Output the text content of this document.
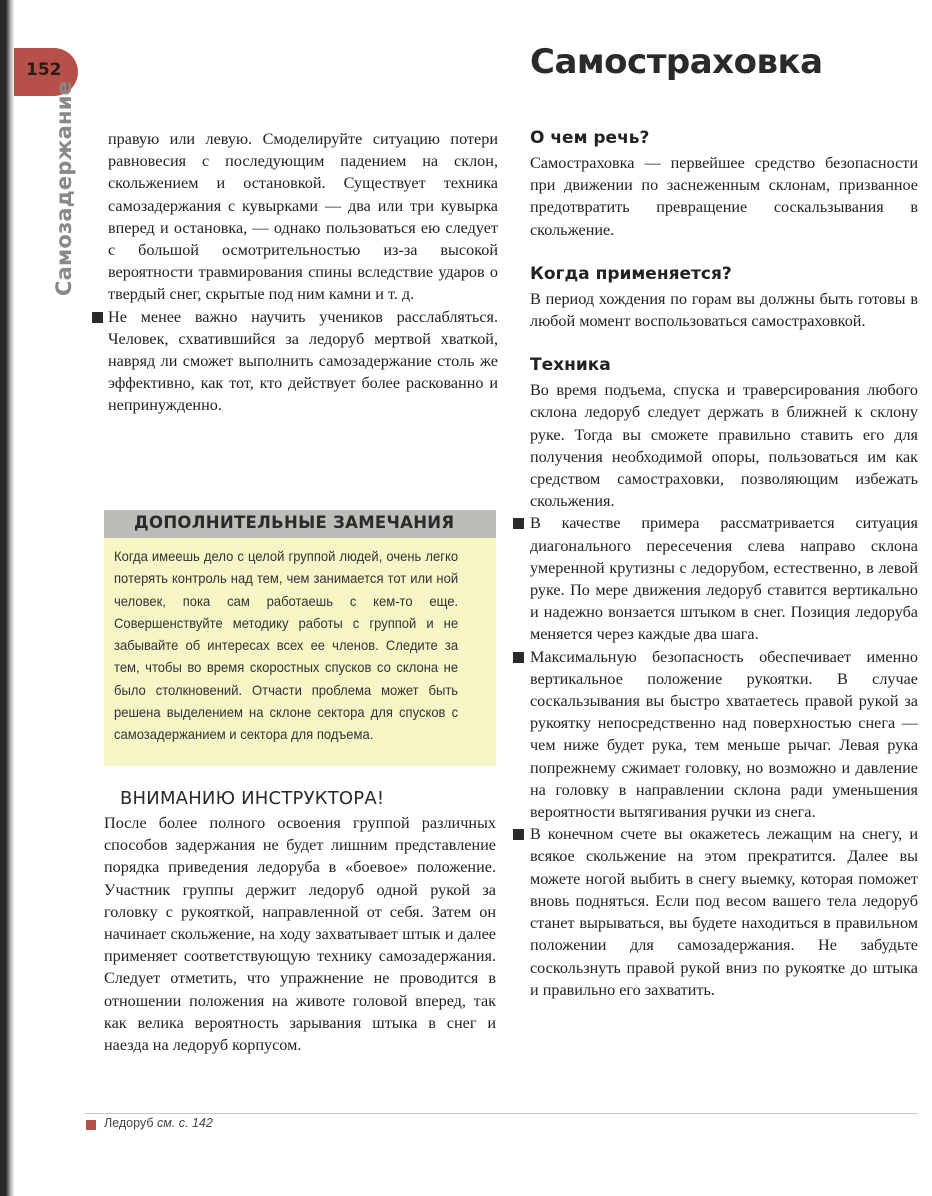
152
Самозадержание
Самостраховка

правую или левую. Смоделируйте ситуацию потери равновесия с последующим падением на склон, скольжением и остановкой. Существует техника самозадержания с кувырками — два или три кувырка вперед и остановка, — однако пользоваться ею следует с большой осмотрительностью из-за высокой вероятности травмирования спины вследствие ударов о твердый снег, скрытые под ним камни и т. д.

Не менее важно научить учеников расслабляться. Человек, схватившийся за ледоруб мертвой хваткой, навряд ли сможет выполнить самозадержание столь же эффективно, как тот, кто действует более раскованно и непринужденно.

ДОПОЛНИТЕЛЬНЫЕ ЗАМЕЧАНИЯ
Когда имеешь дело с целой группой людей, очень легко потерять контроль над тем, чем занимается тот или ной человек, пока сам работаешь с кем-то еще. Совершенствуйте методику работы с группой и не забывайте об интересах всех ее членов. Следите за тем, чтобы во время скоростных спусков со склона не было столкновений. Отчасти проблема может быть решена выделением на склоне сектора для спусков с самозадержанием и сектора для подъема.
ВНИМАНИЮ ИНСТРУКТОРА!

После более полного освоения группой различных способов задержания не будет лишним представление порядка приведения ледоруба в «боевое» положение. Участник группы держит ледоруб одной рукой за головку с рукояткой, направленной от себя. Затем он начинает скольжение, на ходу захватывает штык и далее применяет соответствующую технику самозадержания. Следует отметить, что упражнение не проводится в отношении положения на животе головой вперед, так как велика вероятность зарывания штыка в снег и наезда на ледоруб корпусом.

О чем речь?

Самостраховка — первейшее средство безопасности при движении по заснеженным склонам, призванное предотвратить превращение соскальзывания в скольжение.

Когда применяется?

В период хождения по горам вы должны быть готовы в любой момент воспользоваться самостраховкой.

Техника

Во время подъема, спуска и траверсирования любого склона ледоруб следует держать в ближней к склону руке. Тогда вы сможете правильно ставить его для получения необходимой опоры, пользоваться им как средством самостраховки, позволяющим избежать скольжения.

В качестве примера рассматривается ситуация диагонального пересечения слева направо склона умеренной крутизны с ледорубом, естественно, в левой руке. По мере движения ледоруб ставится вертикально и надежно вонзается штыком в снег. Позиция ледоруба меняется через каждые два шага.

Максимальную безопасность обеспечивает именно вертикальное положение рукоятки. В случае соскальзывания вы быстро хватаетесь правой рукой за рукоятку непосредственно над поверхностью снега — чем ниже будет рука, тем меньше рычаг. Левая рука попрежнему сжимает головку, но возможно и давление на головку в направлении склона ради уменьшения вероятности вытягивания ручки из снега.

В конечном счете вы окажетесь лежащим на снегу, и всякое скольжение на этом прекратится. Далее вы можете ногой выбить в снегу выемку, которая поможет вновь подняться. Если под весом вашего тела ледоруб станет вырываться, вы будете находиться в правильном положении для самозадержания. Не забудьте соскользнуть правой рукой вниз по рукоятке до штыка и правильно его захватить.

Ледоруб см. с. 142
